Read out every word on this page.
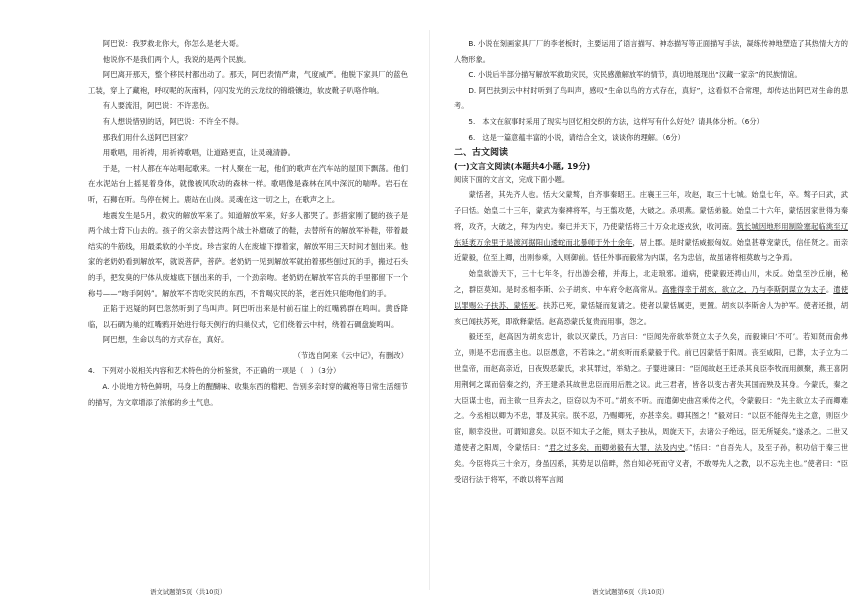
阿巴说：我罗救北你大，你怎么是老大哥。

他说你不是我们两个人，我说的是两个民族。

阿巴离开那天，整个移民村都出动了。那天，阿巴表情严肃，气度威严。他脱下家具厂的蓝色工装，穿上了藏袍，呼叹呢的灰南料，闪闪发光的云龙纹的锦缎镶边，软皮靴子叭咯作响。

有人要流泪，阿巴说：不许悲伤。

有人想说惜别的话，阿巴说：不许全不得。

那我们用什么送阿巴回家？

用歌唱，用祈祷，用祈祷歌唱，让道路更直，让灵魂清静。

于是，一村人都在车站唱起歌来。一村人聚在一起，他们的歌声在汽车站的屋顶下飘荡。他们在水泥站台上摇晃着身体，就像被风吹动的森林一样。歌唱像是森林在风中深沉的喘哗。岩石在听，石狮在听。鸟停在树上。鹿站在山岗。灵魂在这一切之上，在歌声之上。

地震发生是5月，救灾的解放军来了。知道解放军来，好多人都哭了。彭措家刚了腿的孩子是两个战士背下山去的。孩子的父亲去替这两个战士补磨破了的鞋，去替所有的解放军补鞋，带着最结实的牛筋线，用最柔软的小羊皮。珍吉家的人在废墟下撑着家，解放军用三天时间才刨出来。他家的老奶奶看到解放军，就说菩萨，菩萨。老奶奶一见到解放军就拍着那些刨过瓦的手，搬过石头的手，把发臭的尸体从废墟底下刨出来的手，一个劲亲吻。老奶奶在解放军官兵的手里都留下一个称号——“吻手阿妈”。解放军不肯吃灾民的东西，不肯喝灾民的茶，老百姓只能吻他们的手。

正陷于迟疑的阿巴忽然听到了鸟叫声。阿巴听出来是村前石崖上的红嘴鸦群在鸣叫。黄昏降临，以石碉为巢的红嘴鸦开始进行每天例行的归巢仪式，它们绕着云中村，绕着石碉盘旋鸣叫。

阿巴想，生命以鸟的方式存在，真好。

（节选自阿来《云中记》，有删改）

4.　下列对小说相关内容和艺术特色的分析鉴赏，不正确的一项是（　）（3分）

A. 小说地方特色鲜明，马身上的醒醐味、收集东西的糌粑、告别多亲时穿的藏袍等日常生活细节的描写，为文章增添了浓郁的乡土气息。

语文试题第5页（共10页）

B. 小说在刻画家具厂厂的李老板时，主要运用了语言描写、神态描写等正面描写手法，凝练传神地塑造了其热情大方的人物形象。

C. 小说后半部分描写解放军救助灾民，灾民感激解放军的情节，真切地展现出“汉藏一家亲”的民族情谊。

D. 阿巴扶到云中村时听到了鸟叫声，感叹“生命以鸟的方式存在，真好”，这看似不合常理，却传达出阿巴对生命的思考。

5.　本文在叙事时采用了现实与回忆相交织的方法，这样写有什么好处？请具体分析。（6分）

6.　这是一篇意蕴丰富的小说，请结合全文，谈谈你的理解。（6分）

二、古文阅读
(一)文言文阅读(本题共4小题, 19分)

阅读下面的文言文，完成下面小题。

蒙恬者，其先齐人也。恬大父蒙骜，自齐事秦昭王。庄襄王三年，攻赵，取三十七城。始皇七年，卒。骜子曰武，武子曰恬。始皇二十三年，蒙武为秦裨将军，与王翦攻楚，大破之。杀项燕。蒙恬弟毅。始皇二十六年，蒙恬因家世得为秦将，攻齐，大破之，拜为内史。秦已并天下，乃使蒙恬将三十万众北逐戎狄，收河南。筑长城因地形用制险塞起临洮至辽东延袤万余里于是渡河据阳山逶蛇而北暴师于外十余年，居上郡。是时蒙恬威振匈奴。始皇甚尊宠蒙氏，信任贤之。而亲近蒙毅，位至上卿，出则参乘，入则御前。恬任外事而毅常为内谋，名为忠信，故虽诸将相莫敢与之争焉。

始皇欲游天下，三十七年冬，行出游会稽，并海上，北走琅邪。道病，使蒙毅还祷山川，未反。始皇至沙丘崩，秘之，群臣莫知。是时丞相李斯、公子胡亥、中车府令赵高常从。高雅得幸于胡亥，欲立之，乃与李斯阴谋立为太子。遣使以罪赐公子扶苏、蒙恬死。扶苏已死，蒙恬疑而复请之。使者以蒙恬属吏，更置。胡亥以李斯舍人为护军。使者还报，胡亥已闻扶苏死，即欲释蒙恬。赵高恐蒙氏复贵而用事，怨之。

毅还至，赵高因为胡亥忠计，欲以灭蒙氏，乃言曰：“臣闻先帝欲举贤立太子久矣，而毅谏曰‘不可’。若知贤而俞弗立，则是不忠而惑主也。以臣愚意，不若诛之。”胡亥听而系蒙毅于代。前已囚蒙恬于阳周。丧至咸阳，已葬，太子立为二世皇帝，而赵高亲近，日夜毁恶蒙氏，求其罪过，举劾之。子婴进谏曰：“臣闻故赵王迁杀其良臣李牧而用颜聚，燕王喜阴用荆轲之谋而倍秦之约，齐王建杀其故世忠臣而用后胜之议。此三君者，皆各以变古者失其国而殃及其身。今蒙氏，秦之大臣谋士也，而主欲一旦弃去之，臣窃以为不可。”胡亥不听。而遣御史曲宫乘传之代，令蒙毅曰：“先主欲立太子而卿难之。今丞相以卿为不忠，罪及其宗。朕不忍，乃赐卿死，亦甚幸矣。卿其图之！”毅对曰：“以臣不能得先主之意，则臣少宦，顺幸没世。可谓知意矣。以臣不知太子之能，则太子独从，周旋天下，去诸公子绝远，臣无所疑矣。”遂杀之。二世又遣使者之阳周，令蒙恬曰：“君之过多矣，而卿弟毅有大罪，法及内史。”恬曰：“自吾先人，及至子孙，积功信于秦三世矣。今臣将兵三十余万，身虽囚系，其势足以倍畔，然自知必死而守义者，不敢辱先人之教，以不忘先主也。”使者曰：“臣受诏行法于将军，不敢以将军言闻

语文试题第6页（共10页）
